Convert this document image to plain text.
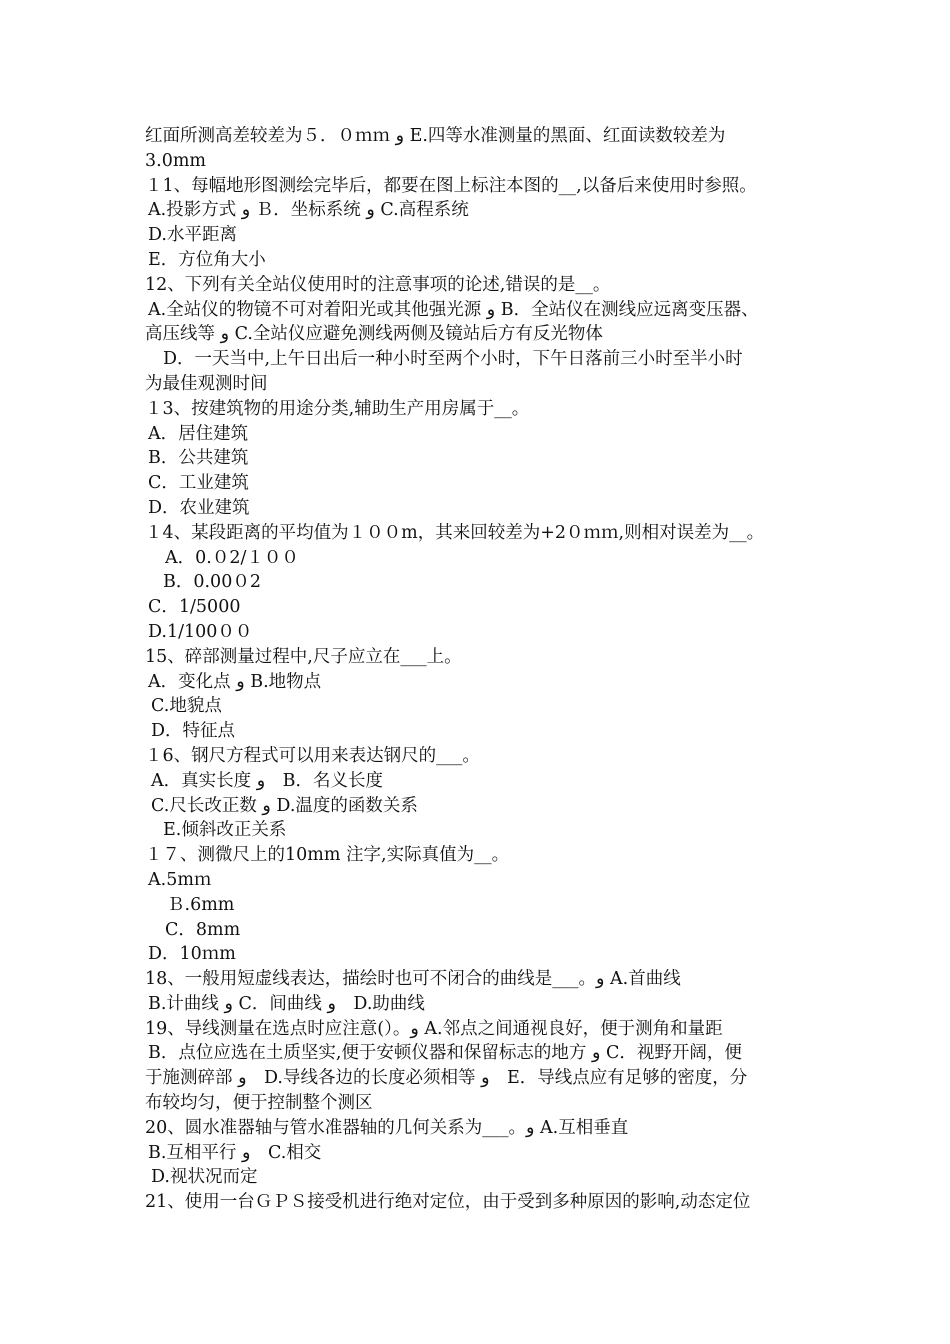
红面所测高差较差为５．０ｍｍ و E.四等水准测量的黑面、红面读数较差为
3.0mm
１1、每幅地形图测绘完毕后，都要在图上标注本图的__,以备后来使用时参照。
A.投影方式 و Ｂ．坐标系统 و C.高程系统
D.水平距离
E．方位角大小
12、下列有关全站仪使用时的注意事项的论述,错误的是__。
A.全站仪的物镜不可对着阳光或其他强光源 و B．全站仪在测线应远离变压器、
高压线等 و C.全站仪应避免测线两侧及镜站后方有反光物体
D．一天当中,上午日出后一种小时至两个小时，下午日落前三小时至半小时
为最佳观测时间
１3、按建筑物的用途分类,辅助生产用房属于__。
A．居住建筑
B．公共建筑
C．工业建筑
D．农业建筑
１4、某段距离的平均值为１００m，其来回较差为+2０ｍｍ,则相对误差为__。
A．0.０2/１００
B．0.00０2
C．1/5000
D.1/100００
15、碎部测量过程中,尺子应立在___上。
A．变化点 و B.地物点
C.地貌点
D．特征点
１6、钢尺方程式可以用来表达钢尺的___。
A．真实长度 و　B．名义长度
C.尺长改正数 و D.温度的函数关系
E.倾斜改正关系
１７、测微尺上的10mm 注字,实际真值为__。
A.5mｍ
Ｂ.6mm
C．8mm
D．10ｍm
18、一般用短虚线表达，描绘时也可不闭合的曲线是___。و A.首曲线
B.计曲线 و C．间曲线 و　D.助曲线
19、导线测量在选点时应注意(）。و A.邻点之间通视良好，便于测角和量距
B．点位应选在土质坚实,便于安顿仪器和保留标志的地方 و C．视野开阔，便
于施测碎部 و　D.导线各边的长度必须相等 و　E．导线点应有足够的密度，分
布较均匀，便于控制整个测区
20、圆水准器轴与管水准器轴的几何关系为___。و A.互相垂直
B.互相平行 و　C.相交
D.视状况而定
21、使用一台ＧＰＳ接受机进行绝对定位，由于受到多种原因的影响,动态定位
